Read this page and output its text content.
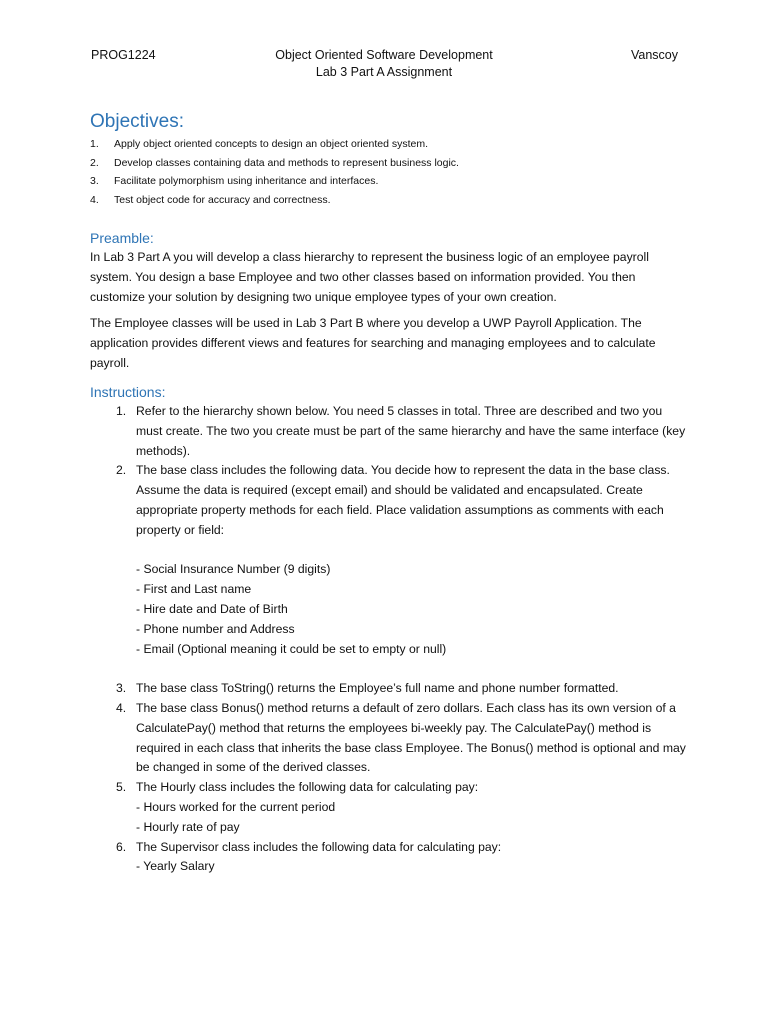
PROG1224	Object Oriented Software Development
Lab 3 Part A Assignment
Vanscoy
Objectives:
1.	Apply object oriented concepts to design an object oriented system.
2.	Develop classes containing data and methods to represent business logic.
3.	Facilitate polymorphism using inheritance and interfaces.
4.	Test object code for accuracy and correctness.
Preamble:

In Lab 3 Part A you will develop a class hierarchy to represent the business logic of an employee payroll system. You design a base Employee and two other classes based on information provided. You then customize your solution by designing two unique employee types of your own creation.

The Employee classes will be used in Lab 3 Part B where you develop a UWP Payroll Application. The application provides different views and features for searching and managing employees and to calculate payroll.

Instructions:
1. Refer to the hierarchy shown below. You need 5 classes in total. Three are described and two you must create. The two you create must be part of the same hierarchy and have the same interface (key methods).
2. The base class includes the following data. You decide how to represent the data in the base class. Assume the data is required (except email) and should be validated and encapsulated. Create appropriate property methods for each field. Place validation assumptions as comments with each property or field:
- Social Insurance Number (9 digits)
- First and Last name
- Hire date and Date of Birth
- Phone number and Address
- Email (Optional meaning it could be set to empty or null)
3. The base class ToString() returns the Employee’s full name and phone number formatted.
4. The base class Bonus() method returns a default of zero dollars. Each class has its own version of a CalculatePay() method that returns the employees bi-weekly pay. The CalculatePay() method is required in each class that inherits the base class Employee. The Bonus() method is optional and may be changed in some of the derived classes.
5. The Hourly class includes the following data for calculating pay:
- Hours worked for the current period
- Hourly rate of pay
6. The Supervisor class includes the following data for calculating pay:
- Yearly Salary
